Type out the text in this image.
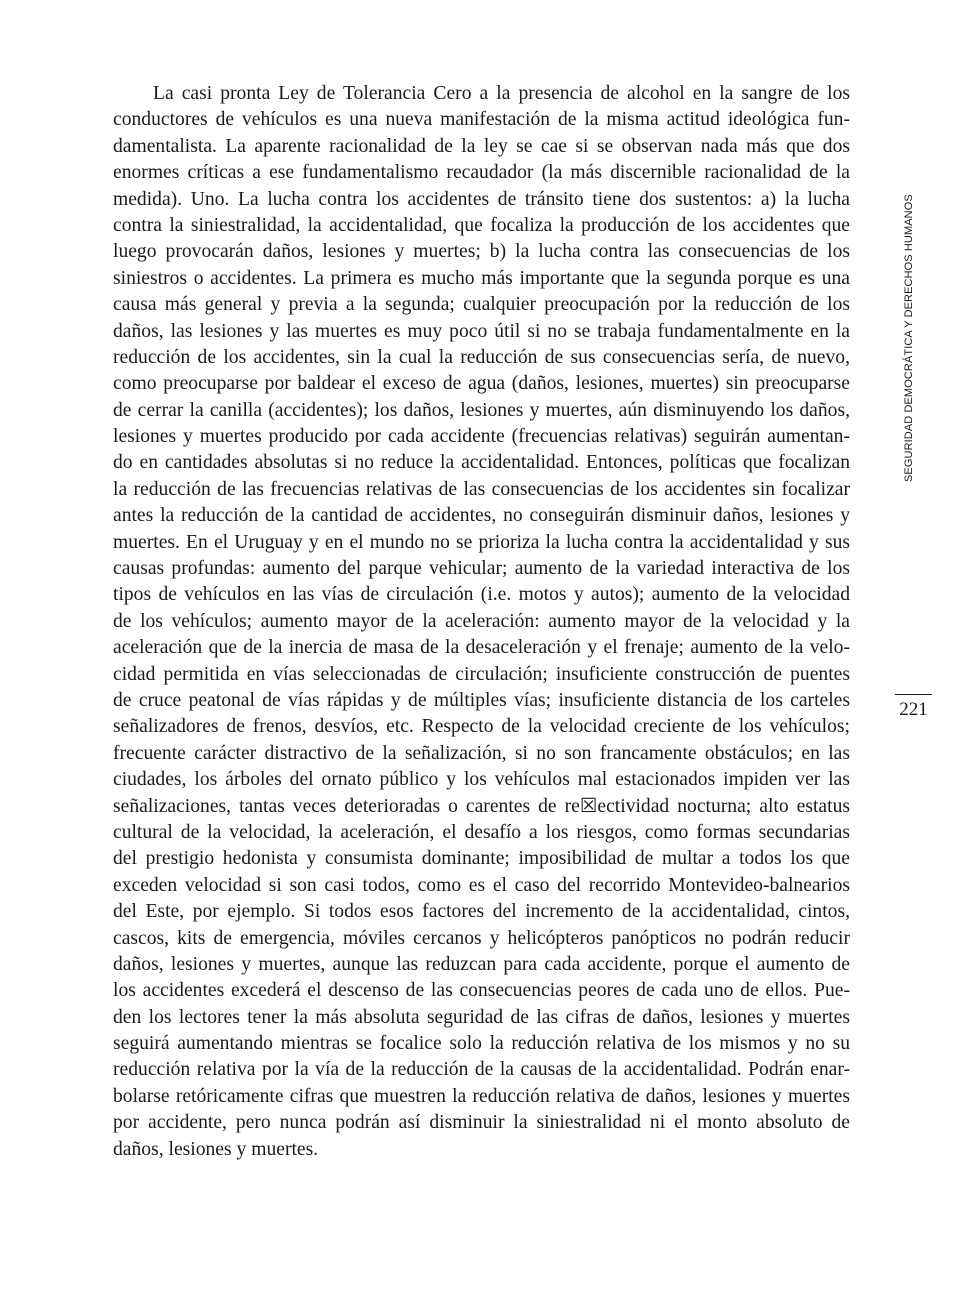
La casi pronta Ley de Tolerancia Cero a la presencia de alcohol en la sangre de los
conductores de vehículos es una nueva manifestación de la misma actitud ideológica fun-
damentalista. La aparente racionalidad de la ley se cae si se observan nada más que dos
enormes críticas a ese fundamentalismo recaudador (la más discernible racionalidad de la
medida). Uno. La lucha contra los accidentes de tránsito tiene dos sustentos: a) la lucha
contra la siniestralidad, la accidentalidad, que focaliza la producción de los accidentes que
luego provocarán daños, lesiones y muertes; b) la lucha contra las consecuencias de los
siniestros o accidentes. La primera es mucho más importante que la segunda porque es una
causa más general y previa a la segunda; cualquier preocupación por la reducción de los
daños, las lesiones y las muertes es muy poco útil si no se trabaja fundamentalmente en la
reducción de los accidentes, sin la cual la reducción de sus consecuencias sería, de nuevo,
como preocuparse por baldear el exceso de agua (daños, lesiones, muertes) sin preocuparse
de cerrar la canilla (accidentes); los daños, lesiones y muertes, aún disminuyendo los daños,
lesiones y muertes producido por cada accidente (frecuencias relativas) seguirán aumentan-
do en cantidades absolutas si no reduce la accidentalidad. Entonces, políticas que focalizan
la reducción de las frecuencias relativas de las consecuencias de los accidentes sin focalizar
antes la reducción de la cantidad de accidentes, no conseguirán disminuir daños, lesiones y
muertes. En el Uruguay y en el mundo no se prioriza la lucha contra la accidentalidad y sus
causas profundas: aumento del parque vehicular; aumento de la variedad interactiva de los
tipos de vehículos en las vías de circulación (i.e. motos y autos); aumento de la velocidad
de los vehículos; aumento mayor de la aceleración: aumento mayor de la velocidad y la
aceleración que de la inercia de masa de la desaceleración y el frenaje; aumento de la velo-
cidad permitida en vías seleccionadas de circulación; insuficiente construcción de puentes
de cruce peatonal de vías rápidas y de múltiples vías; insuficiente distancia de los carteles
señalizadores de frenos, desvíos, etc. Respecto de la velocidad creciente de los vehículos;
frecuente carácter distractivo de la señalización, si no son francamente obstáculos; en las
ciudades, los árboles del ornato público y los vehículos mal estacionados impiden ver las
señalizaciones, tantas veces deterioradas o carentes de re☒ectividad nocturna; alto estatus
cultural de la velocidad, la aceleración, el desafío a los riesgos, como formas secundarias
del prestigio hedonista y consumista dominante; imposibilidad de multar a todos los que
exceden velocidad si son casi todos, como es el caso del recorrido Montevideo-balnearios
del Este, por ejemplo. Si todos esos factores del incremento de la accidentalidad, cintos,
cascos, kits de emergencia, móviles cercanos y helicópteros panópticos no podrán reducir
daños, lesiones y muertes, aunque las reduzcan para cada accidente, porque el aumento de
los accidentes excederá el descenso de las consecuencias peores de cada uno de ellos. Pue-
den los lectores tener la más absoluta seguridad de las cifras de daños, lesiones y muertes
seguirá aumentando mientras se focalice solo la reducción relativa de los mismos y no su
reducción relativa por la vía de la reducción de la causas de la accidentalidad. Podrán enar-
bolarse retóricamente cifras que muestren la reducción relativa de daños, lesiones y muertes
por accidente, pero nunca podrán así disminuir la siniestralidad ni el monto absoluto de
daños, lesiones y muertes.
SEGURIDAD DEMOCRÁTICA Y DERECHOS HUMANOS
221
